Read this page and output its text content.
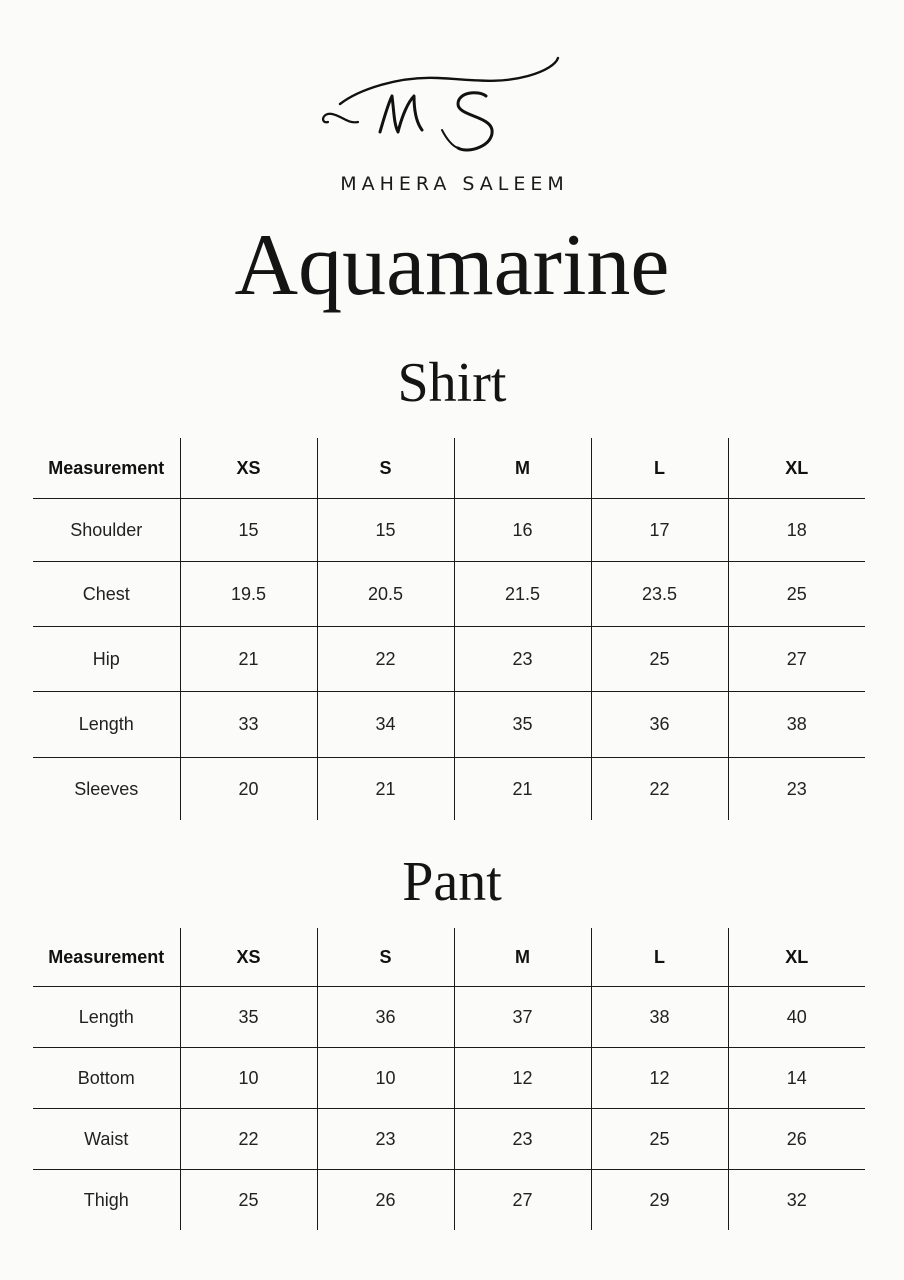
MAHERA SALEEM
Aquamarine
Shirt
Measurement	XS	S	M	L	XL
Shoulder	15	15	16	17	18
Chest	19.5	20.5	21.5	23.5	25
Hip	21	22	23	25	27
Length	33	34	35	36	38
Sleeves	20	21	21	22	23
Pant
Measurement	XS	S	M	L	XL
Length	35	36	37	38	40
Bottom	10	10	12	12	14
Waist	22	23	23	25	26
Thigh	25	26	27	29	32
